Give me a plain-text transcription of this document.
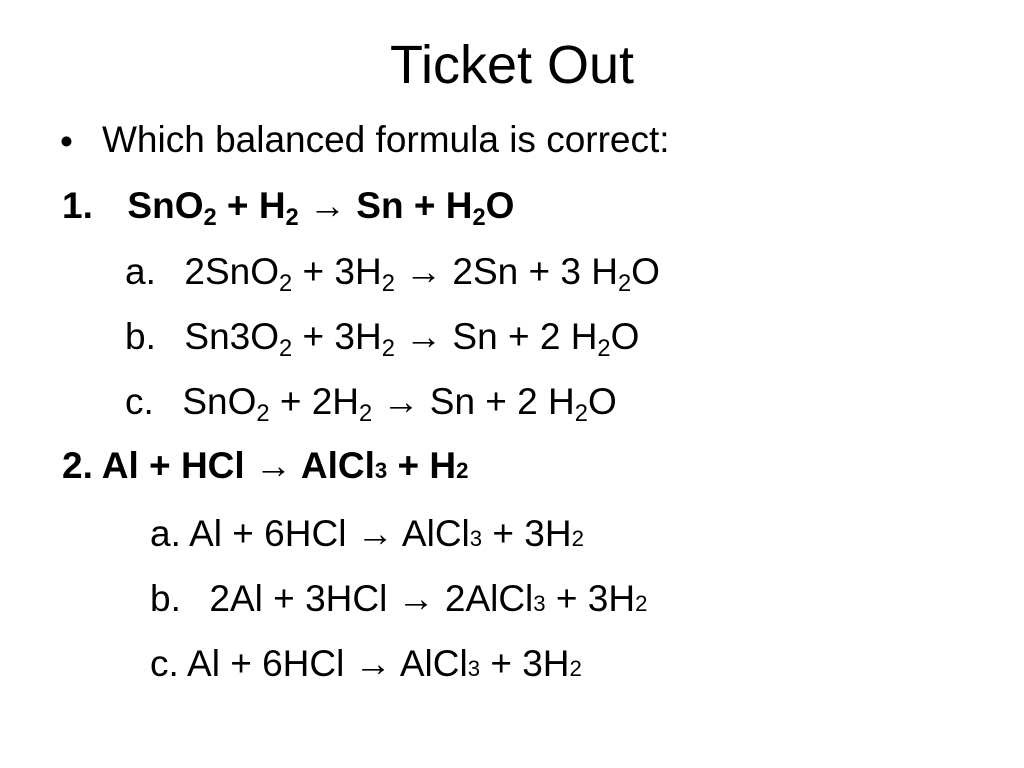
Ticket Out
• Which balanced formula is correct:
1. $SnO_2 + H_2 \to Sn + H_2O$
a. $2SnO_2 + 3H_2 \to 2Sn + 3$ $H_2O$
b. $Sn3O_2 + 3H_2 \to Sn + 2$ $H_2O$
c. $SnO_2 + 2H_2 \to Sn + 2$ $H_2O$
2. Al + HCl → AlCl3 + H2
a. Al + 6HCl → AlCl3 + 3H2
b. 2Al + 3HCl → 2AlCl3 + 3H2
c. Al + 6HCl → AlCl3 + 3H2
